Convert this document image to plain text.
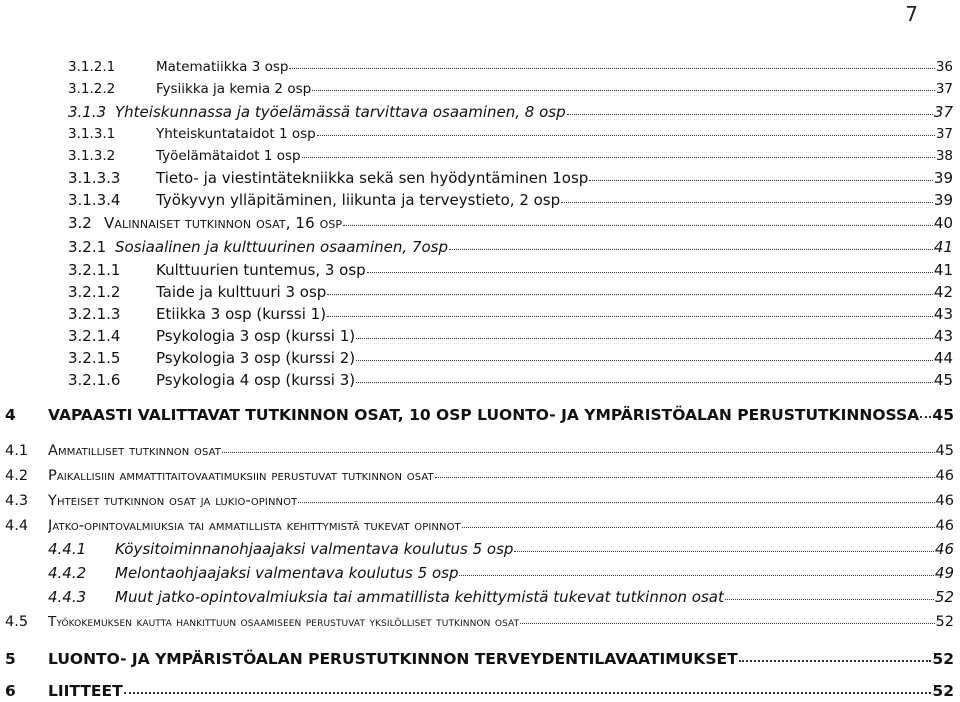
7
3.1.2.1	Matematiikka 3 osp	36
3.1.2.2	Fysiikka ja kemia 2 osp	37
3.1.3 Yhteiskunnassa ja työelämässä tarvittava osaaminen, 8 osp	37
3.1.3.1	Yhteiskuntataidot 1 osp	37
3.1.3.2	Työelämätaidot 1 osp	38
3.1.3.3	Tieto- ja viestintätekniikka sekä sen hyödyntäminen 1osp	39
3.1.3.4	Työkyvyn ylläpitäminen, liikunta ja terveystieto, 2 osp	39
3.2 Valinnaiset tutkinnon osat, 16 osp	40
3.2.1 Sosiaalinen ja kulttuurinen osaaminen, 7osp	41
3.2.1.1	Kulttuurien tuntemus, 3 osp	41
3.2.1.2	Taide ja kulttuuri 3 osp	42
3.2.1.3	Etiikka 3 osp (kurssi 1)	43
3.2.1.4	Psykologia 3 osp (kurssi 1)	43
3.2.1.5	Psykologia 3 osp (kurssi 2)	44
3.2.1.6	Psykologia 4 osp (kurssi 3)	45
4	VAPAASTI VALITTAVAT TUTKINNON OSAT, 10 OSP LUONTO- JA YMPÄRISTÖALAN PERUSTUTKINNOSSA 45
4.1	Ammatilliset tutkinnon osat	45
4.2	Paikallisiin ammattitaitovaatimuksiin perustuvat tutkinnon osat	46
4.3	Yhteiset tutkinnon osat ja lukio-opinnot	46
4.4	Jatko-opintovalmiuksia tai ammatillista kehittymistä tukevat opinnot	46
4.4.1	Köysitoiminnanohjaajaksi valmentava koulutus 5 osp	46
4.4.2	Melontaohjaajaksi valmentava koulutus 5 osp	49
4.4.3	Muut jatko-opintovalmiuksia tai ammatillista kehittymistä tukevat tutkinnon osat	52
4.5	Työkokemuksen kautta hankittuun osaamiseen perustuvat yksilölliset tutkinnon osat	52
5	LUONTO- JA YMPÄRISTÖALAN PERUSTUTKINNON TERVEYDENTILAVAATIMUKSET	52
6	LIITTEET	52
